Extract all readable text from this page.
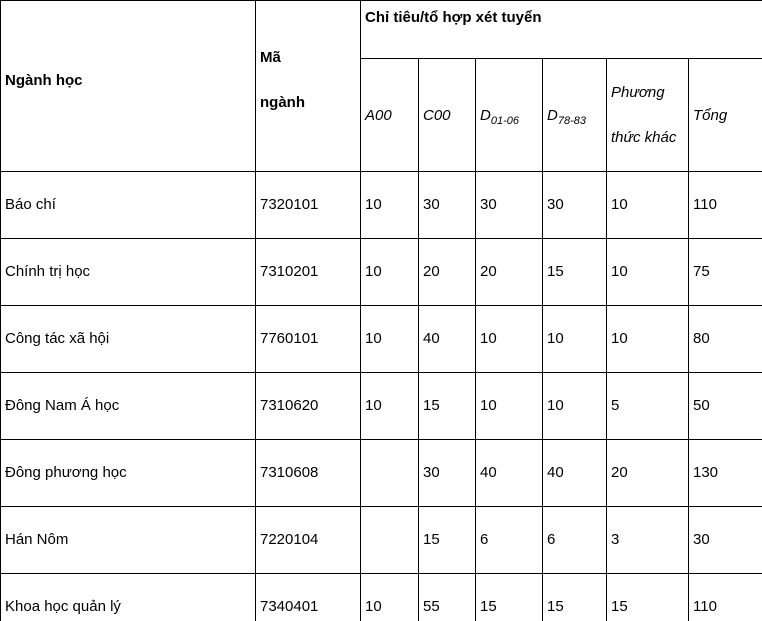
Ngành học	Mã ngành	Chỉ tiêu/tổ hợp xét tuyển					
		A00	C00	$D_{01-06}$	$D_{78-83}$	Phương thức khác	Tổng
Báo chí	7320101	10	30	30	30	10	110
Chính trị học	7310201	10	20	20	15	10	75
Công tác xã hội	7760101	10	40	10	10	10	80
Đông Nam Á học	7310620	10	15	10	10	5	50
Đông phương học	7310608		30	40	40	20	130
Hán Nôm	7220104		15	6	6	3	30
Khoa học quản lý	7340401	10	55	15	15	15	110
